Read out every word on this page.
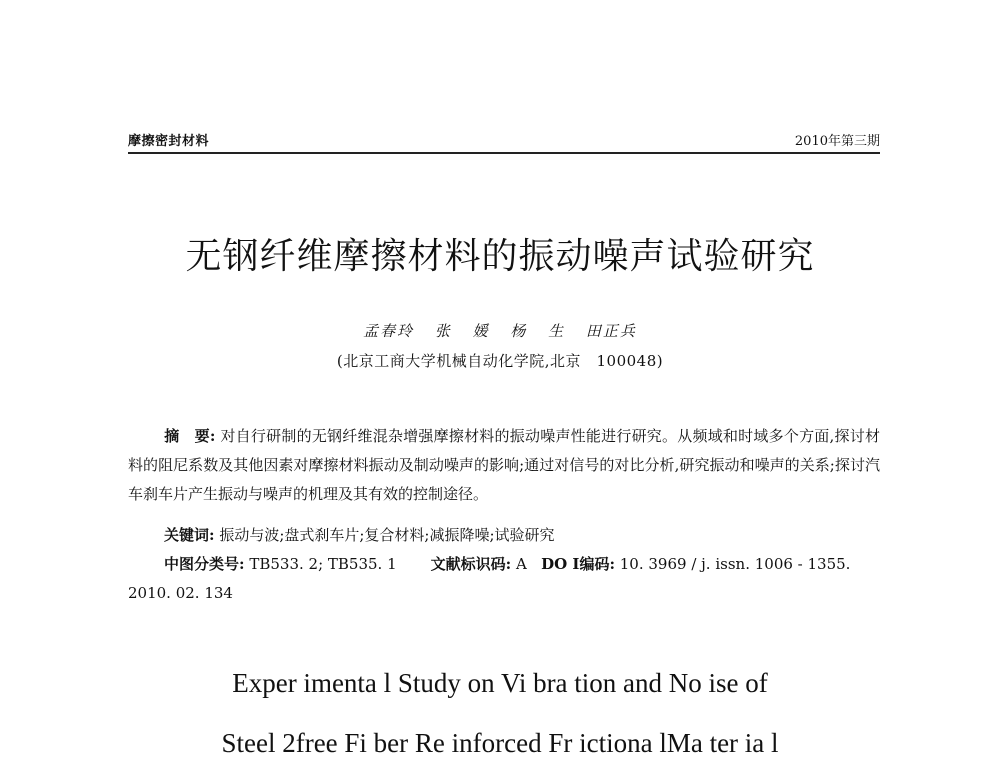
摩擦密封材料	2010年第三期
无钢纤维摩擦材料的振动噪声试验研究
孟春玲 张 媛 杨 生 田正兵
(北京工商大学机械自动化学院,北京　100048)
摘　要: 对自行研制的无钢纤维混杂增强摩擦材料的振动噪声性能进行研究。从频域和时域多个方面,探讨材料的阻尼系数及其他因素对摩擦材料振动及制动噪声的影响;通过对信号的对比分析,研究振动和噪声的关系;探讨汽车刹车片产生振动与噪声的机理及其有效的控制途径。
关键词: 振动与波;盘式刹车片;复合材料;减振降噪;试验研究
中图分类号: TB533. 2; TB535. 1 文献标识码: A DO I编码: 10. 3969 / j. issn. 1006 - 1355. 2010. 02. 134
Exper imenta l Study on Vi bra tion and No ise of
Steel 2free Fi ber Re inforced Fr ictiona lMa ter ia l
